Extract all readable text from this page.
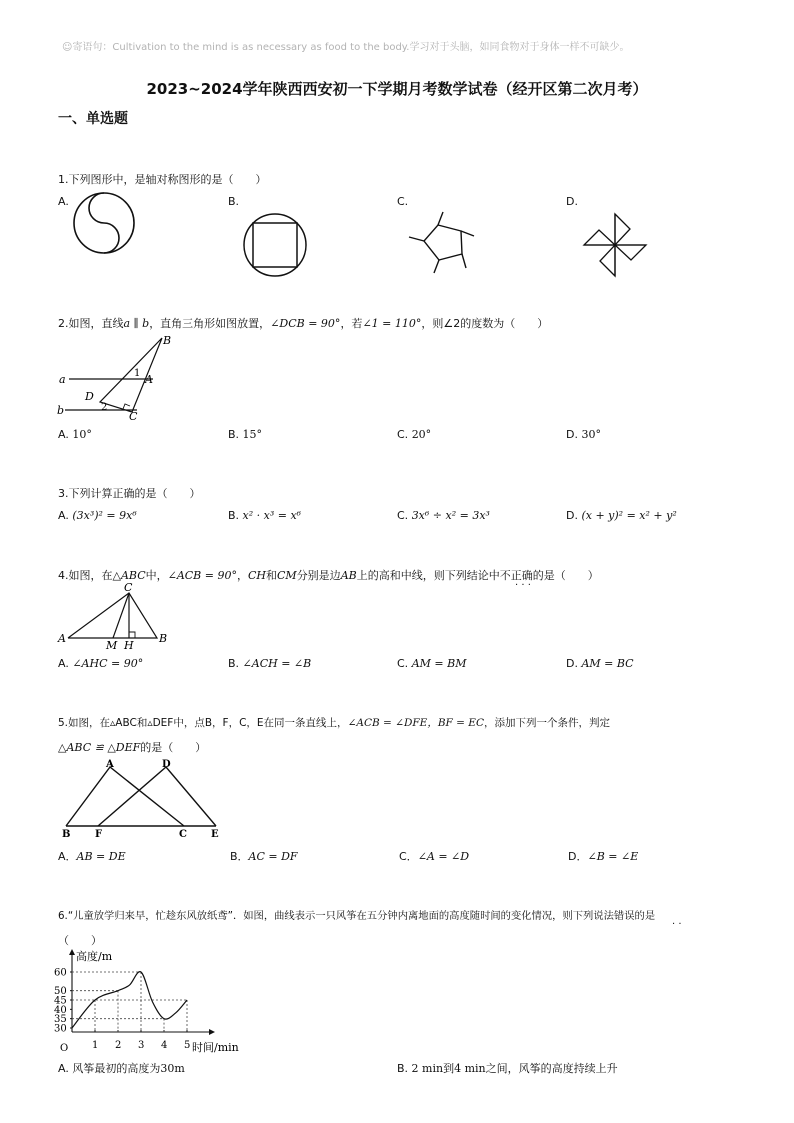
☺寄语句：Cultivation to the mind is as necessary as food to the body.学习对于头脑，如同食物对于身体一样不可缺少。
2023~2024学年陕西西安初一下学期月考数学试卷（经开区第二次月考）
一、单选题
1.下列图形中，是轴对称图形的是（　　）
A.	B.	C.	D.
2.如图，直线a ∥ b，直角三角形如图放置，∠DCB = 90°，若∠1 = 110°，则∠2的度数为（　　）
B
a	1 A
D
2
b	C
A. 10°	B. 15°	C. 20°	D. 30°
3.下列计算正确的是（　　）
A. (3x³)² = 9x⁶	B. x² · x³ = x⁶	C. 3x⁶ ÷ x² = 3x³	D. (x + y)² = x² + y²
4.如图，在△ABC中，∠ACB = 90°，CH和CM分别是边AB上的高和中线，则下列结论中不正确的是（　　）
· · ·
C
A
M H
B
A. ∠AHC = 90°	B. ∠ACH = ∠B	C. AM = BM	D. AM = BC
5.如图，在▵ABC和▵DEF中，点B，F，C，E在同一条直线上，∠ACB = ∠DFE，BF = EC，添加下列一个条件，判定
△ABC ≌ △DEF的是（　　）
A	D
B F	C E
A．AB = DE	B．AC = DF	C．∠A = ∠D	D．∠B = ∠E
6.“儿童放学归来早，忙趁东风放纸鸢”．如图，曲线表示一只风筝在五分钟内离地面的高度随时间的变化情况，则下列说法错误的是
· ·
（　　）
高度/m
时间/min
O
30
35
40
45
50
60
1 2 3 4 5
A. 风筝最初的高度为30m	B. 2 min到4 min之间，风筝的高度持续上升
